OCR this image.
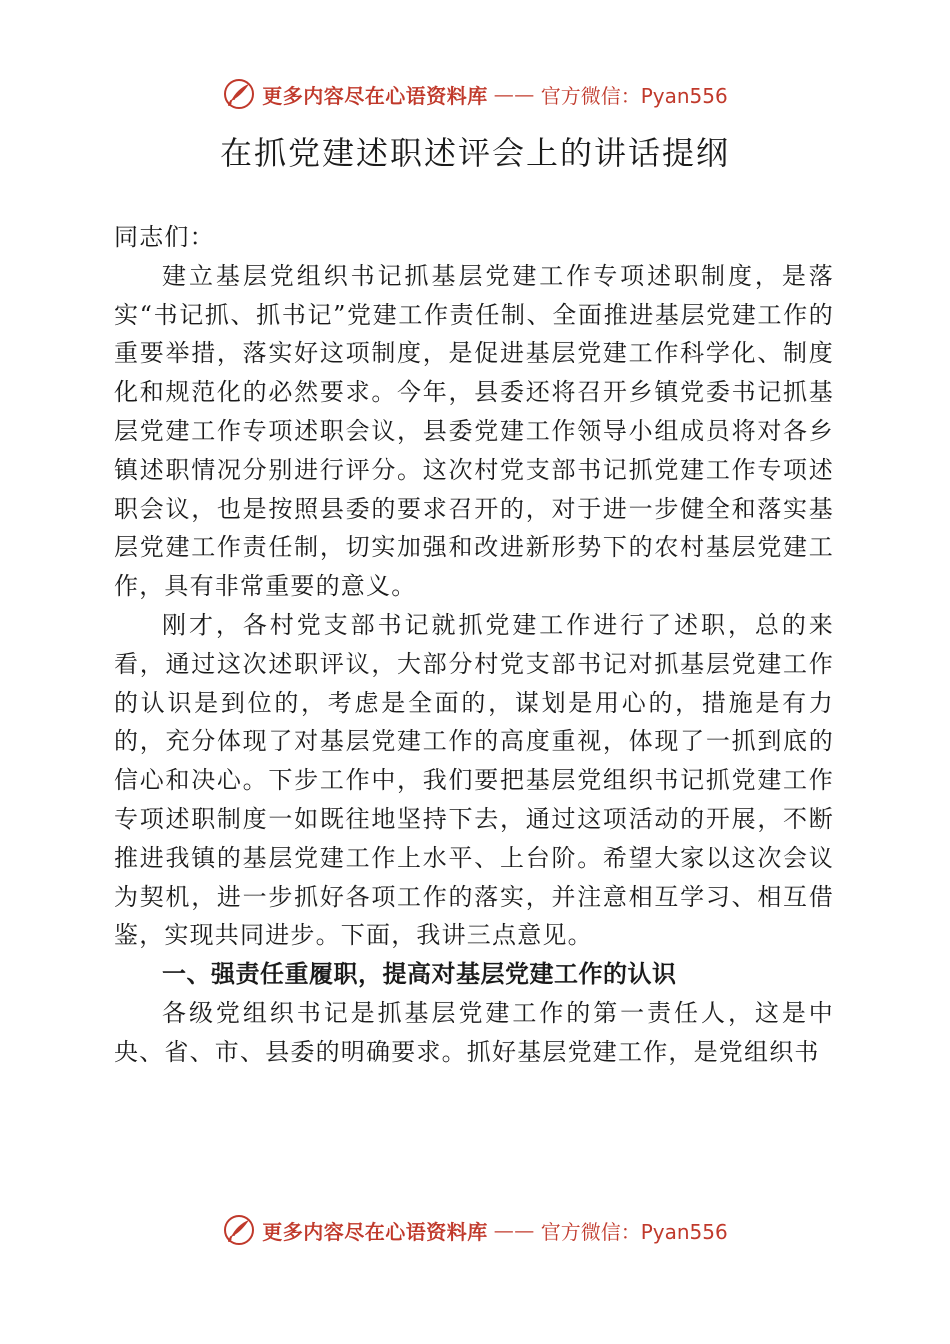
更多内容尽在心语资料库 —— 官方微信：Pyan556
在抓党建述职述评会上的讲话提纲

同志们：

建立基层党组织书记抓基层党建工作专项述职制度，是落实“书记抓、抓书记”党建工作责任制、全面推进基层党建工作的重要举措，落实好这项制度，是促进基层党建工作科学化、制度化和规范化的必然要求。今年，县委还将召开乡镇党委书记抓基层党建工作专项述职会议，县委党建工作领导小组成员将对各乡镇述职情况分别进行评分。这次村党支部书记抓党建工作专项述职会议，也是按照县委的要求召开的，对于进一步健全和落实基层党建工作责任制，切实加强和改进新形势下的农村基层党建工作，具有非常重要的意义。

刚才，各村党支部书记就抓党建工作进行了述职，总的来看，通过这次述职评议，大部分村党支部书记对抓基层党建工作的认识是到位的，考虑是全面的，谋划是用心的，措施是有力的，充分体现了对基层党建工作的高度重视，体现了一抓到底的信心和决心。下步工作中，我们要把基层党组织书记抓党建工作专项述职制度一如既往地坚持下去，通过这项活动的开展，不断推进我镇的基层党建工作上水平、上台阶。希望大家以这次会议为契机，进一步抓好各项工作的落实，并注意相互学习、相互借鉴，实现共同进步。下面，我讲三点意见。

一、强责任重履职，提高对基层党建工作的认识

各级党组织书记是抓基层党建工作的第一责任人，这是中央、省、市、县委的明确要求。抓好基层党建工作，是党组织书

更多内容尽在心语资料库 —— 官方微信：Pyan556
